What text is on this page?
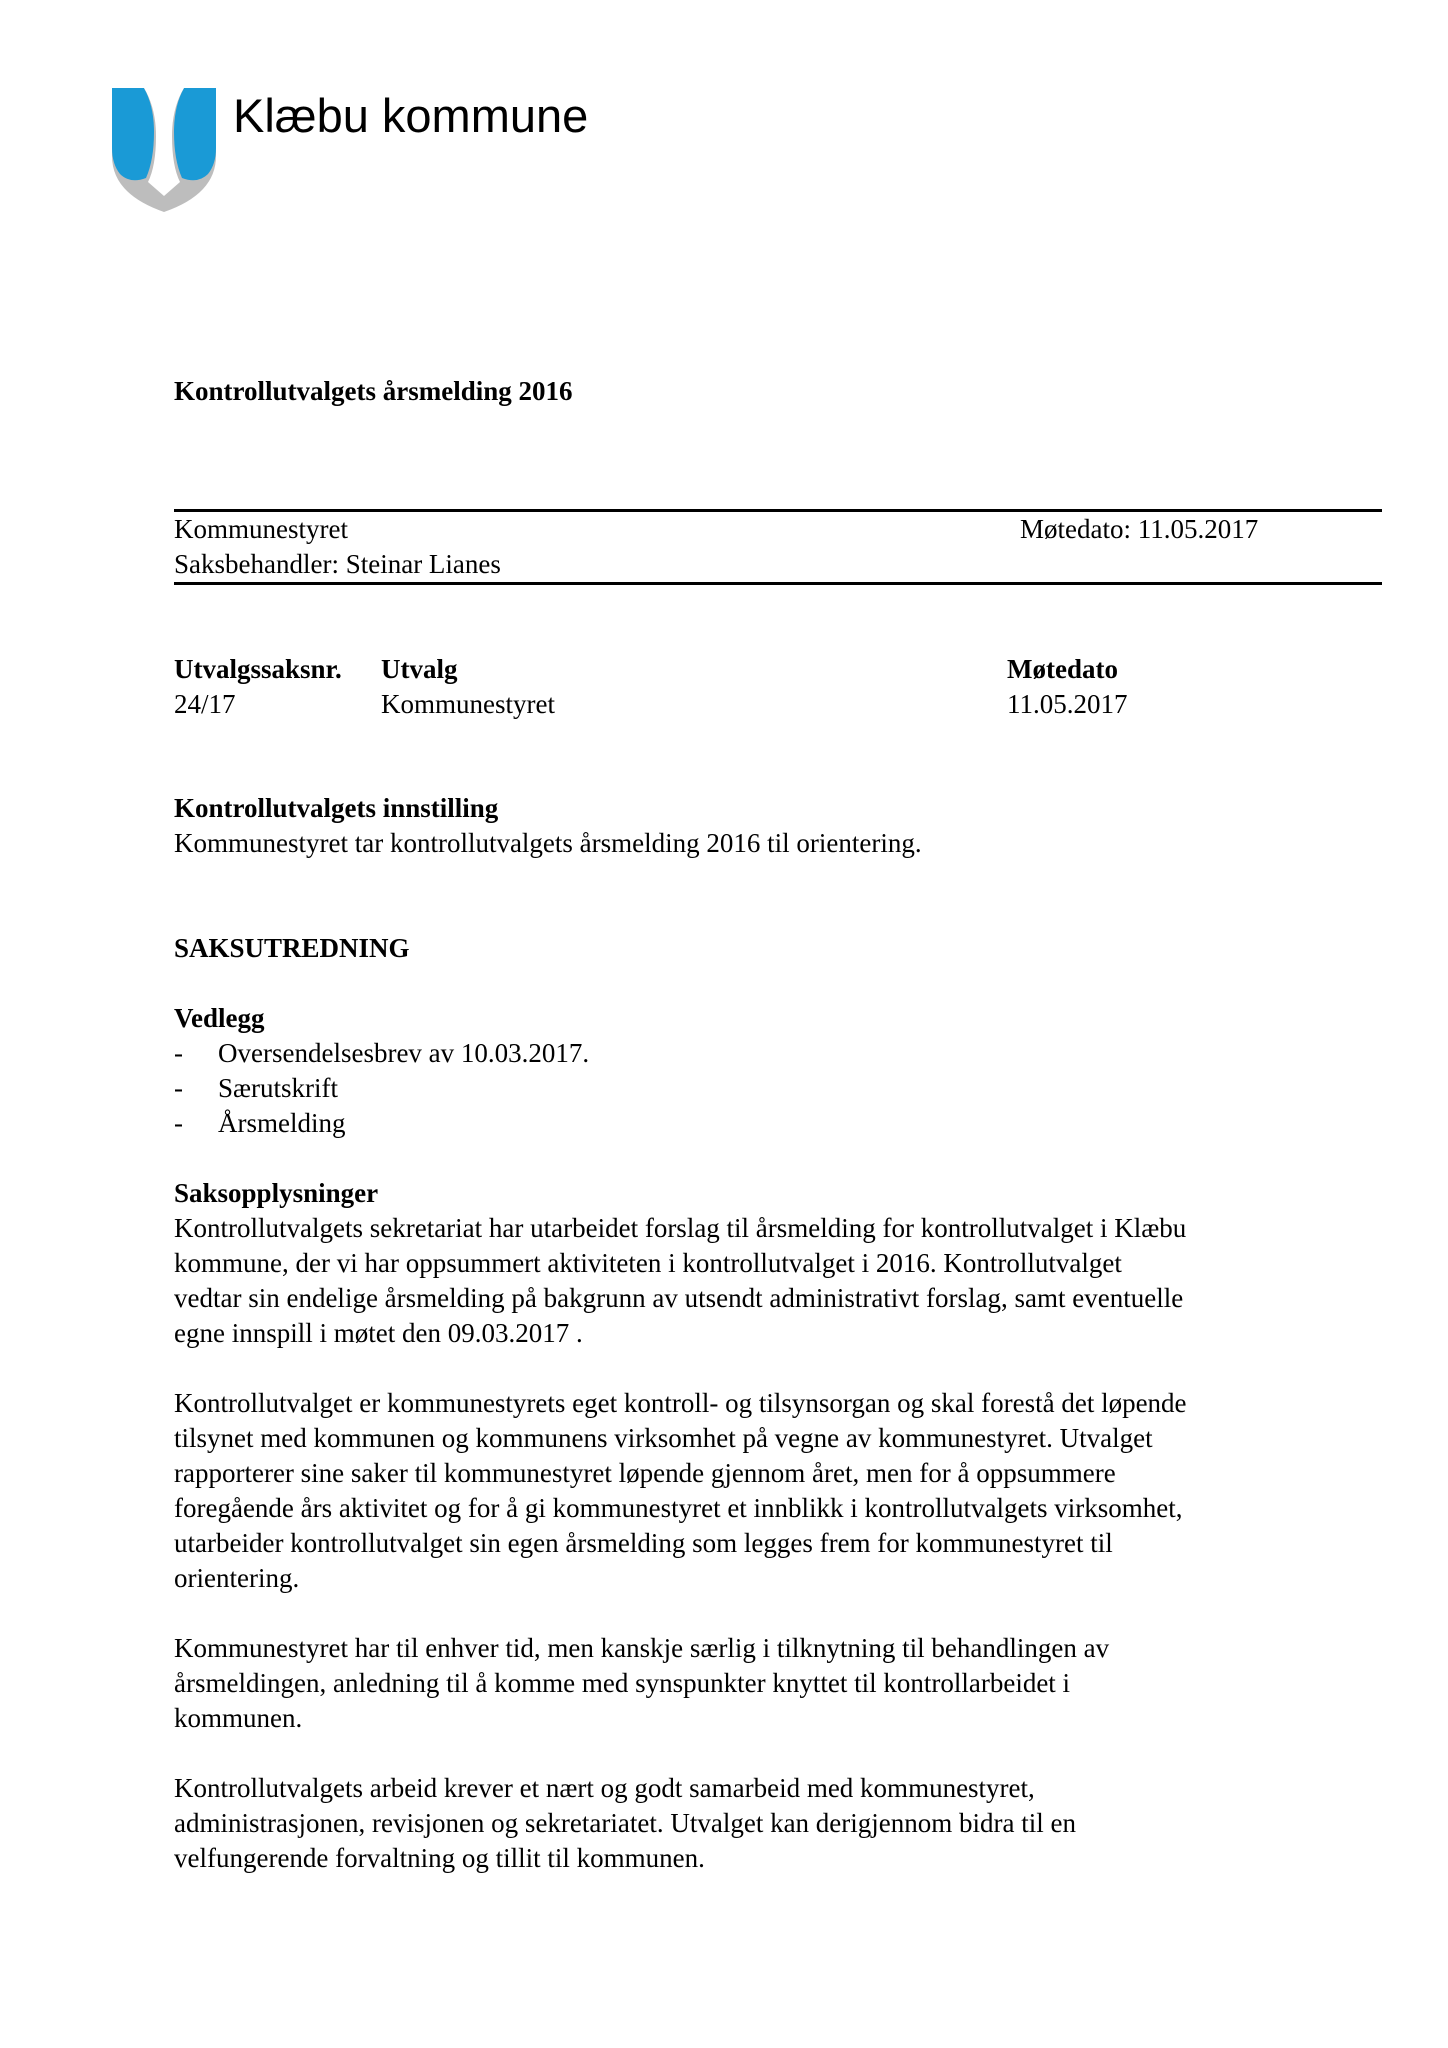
Klæbu kommune

Kontrollutvalgets årsmelding 2016

Kommunestyret	Møtedato: 11.05.2017

Saksbehandler: Steinar Lianes

Utvalgssaksnr.	Utvalg	Møtedato
24/17	Kommunestyret	11.05.2017

Kontrollutvalgets innstilling

Kommunestyret tar kontrollutvalgets årsmelding 2016 til orientering.

SAKSUTREDNING

Vedlegg

-	Oversendelsesbrev av 10.03.2017.
-	Særutskrift
-	Årsmelding

Saksopplysninger

Kontrollutvalgets sekretariat har utarbeidet forslag til årsmelding for kontrollutvalget i Klæbu
kommune, der vi har oppsummert aktiviteten i kontrollutvalget i 2016. Kontrollutvalget
vedtar sin endelige årsmelding på bakgrunn av utsendt administrativt forslag, samt eventuelle
egne innspill i møtet den 09.03.2017 .
Kontrollutvalget er kommunestyrets eget kontroll- og tilsynsorgan og skal forestå det løpende
tilsynet med kommunen og kommunens virksomhet på vegne av kommunestyret. Utvalget
rapporterer sine saker til kommunestyret løpende gjennom året, men for å oppsummere
foregående års aktivitet og for å gi kommunestyret et innblikk i kontrollutvalgets virksomhet,
utarbeider kontrollutvalget sin egen årsmelding som legges frem for kommunestyret til
orientering.
Kommunestyret har til enhver tid, men kanskje særlig i tilknytning til behandlingen av
årsmeldingen, anledning til å komme med synspunkter knyttet til kontrollarbeidet i
kommunen.
Kontrollutvalgets arbeid krever et nært og godt samarbeid med kommunestyret,
administrasjonen, revisjonen og sekretariatet. Utvalget kan derigjennom bidra til en
velfungerende forvaltning og tillit til kommunen.
